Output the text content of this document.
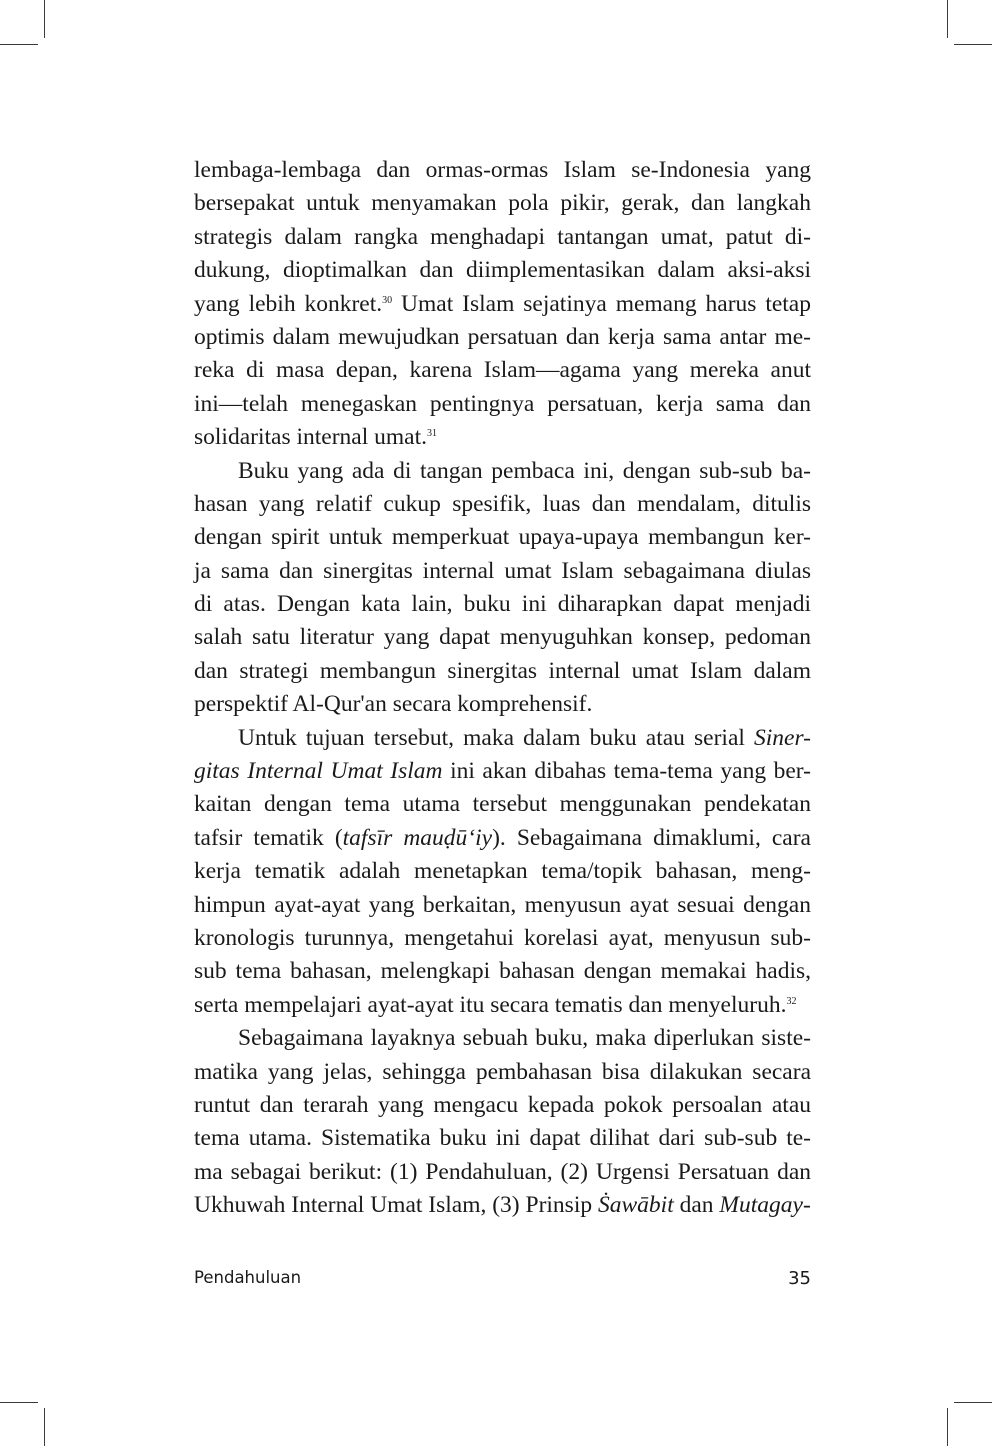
lembaga-lembaga dan ormas-ormas Islam se-Indonesia yang
bersepakat untuk menyamakan pola pikir, gerak, dan langkah
strategis dalam rangka menghadapi tantangan umat, patut di-
dukung, dioptimalkan dan diimplementasikan dalam aksi-aksi
yang lebih konkret.$^{30}$ Umat Islam sejatinya memang harus tetap
optimis dalam mewujudkan persatuan dan kerja sama antar me-
reka di masa depan, karena Islam—agama yang mereka anut
ini—telah menegaskan pentingnya persatuan, kerja sama dan
solidaritas internal umat.$^{31}$
Buku yang ada di tangan pembaca ini, dengan sub-sub ba-
hasan yang relatif cukup spesifik, luas dan mendalam, ditulis
dengan spirit untuk memperkuat upaya-upaya membangun ker-
ja sama dan sinergitas internal umat Islam sebagaimana diulas
di atas. Dengan kata lain, buku ini diharapkan dapat menjadi
salah satu literatur yang dapat menyuguhkan konsep, pedoman
dan strategi membangun sinergitas internal umat Islam dalam
perspektif Al-Qur'an secara komprehensif.
Untuk tujuan tersebut, maka dalam buku atau serial Siner-
gitas Internal Umat Islam ini akan dibahas tema-tema yang ber-
kaitan dengan tema utama tersebut menggunakan pendekatan
tafsir tematik (tafsīr mauḍū‘iy). Sebagaimana dimaklumi, cara
kerja tematik adalah menetapkan tema/topik bahasan, meng-
himpun ayat-ayat yang berkaitan, menyusun ayat sesuai dengan
kronologis turunnya, mengetahui korelasi ayat, menyusun sub-
sub tema bahasan, melengkapi bahasan dengan memakai hadis,
serta mempelajari ayat-ayat itu secara tematis dan menyeluruh.$^{32}$
Sebagaimana layaknya sebuah buku, maka diperlukan siste-
matika yang jelas, sehingga pembahasan bisa dilakukan secara
runtut dan terarah yang mengacu kepada pokok persoalan atau
tema utama. Sistematika buku ini dapat dilihat dari sub-sub te-
ma sebagai berikut: (1) Pendahuluan, (2) Urgensi Persatuan dan
Ukhuwah Internal Umat Islam, (3) Prinsip Ṡawābit dan Mutagay-
Pendahuluan	35
